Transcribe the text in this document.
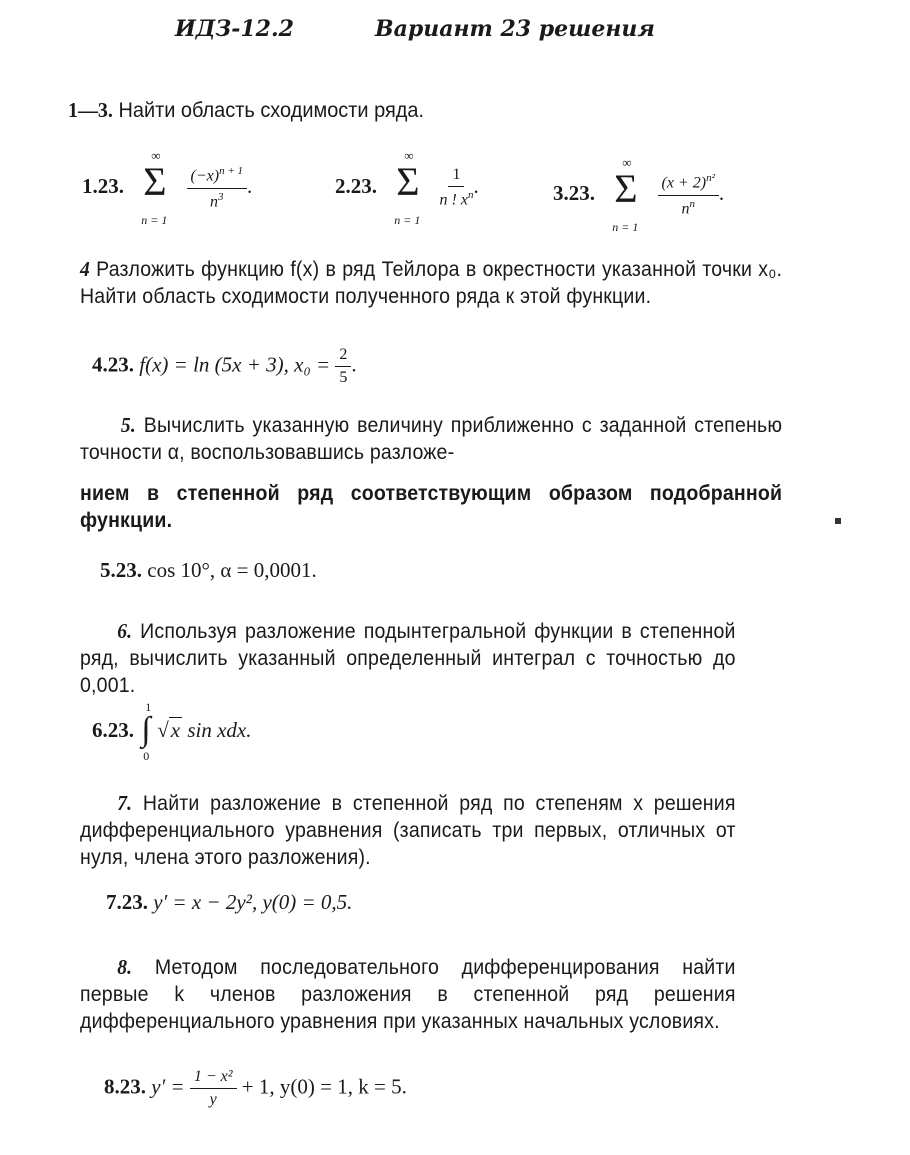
ИДЗ-12.2	Вариант 23 решения
1—3. Найти область сходимости ряда.
1.23.
∞
Σ
n = 1

$\frac{(-x)^{n + 1}}{n^3}$ .	2.23.
∞
Σ
n = 1

$\frac{1}{n ! x^n}$ .	3.23.
∞
Σ
n = 1

$\frac{(x + 2)^{n^2}}{n^n}$ .
4 Разложить функцию f(x) в ряд Тейлора в окрестности указанной точки x₀. Найти область сходимости полученного ряда к этой функции.
4.23. f(x) = ln (5x + 3), $x_0 = \frac{2}{5}$ .
5. Вычислить указанную величину приближенно с заданной степенью точности α, воспользовавшись разложе-
нием в степенной ряд соответствующим образом подобранной функции.
5.23. cos 10°, α = 0,0001.
6. Используя разложение подынтегральной функции в степенной ряд, вычислить указанный определенный интеграл с точностью до 0,001.
6.23.
1
∫
0
√x sin xdx.
7. Найти разложение в степенной ряд по степеням x решения дифференциального уравнения (записать три первых, отличных от нуля, члена этого разложения).
7.23. y′ = x − 2y², y(0) = 0,5.
8. Методом последовательного дифференцирования найти первые k членов разложения в степенной ряд решения дифференциального уравнения при указанных начальных условиях.
8.23. $y' = \frac{\text{1 − x²}}{y} + 1$, y(0) = 1, k = 5.
